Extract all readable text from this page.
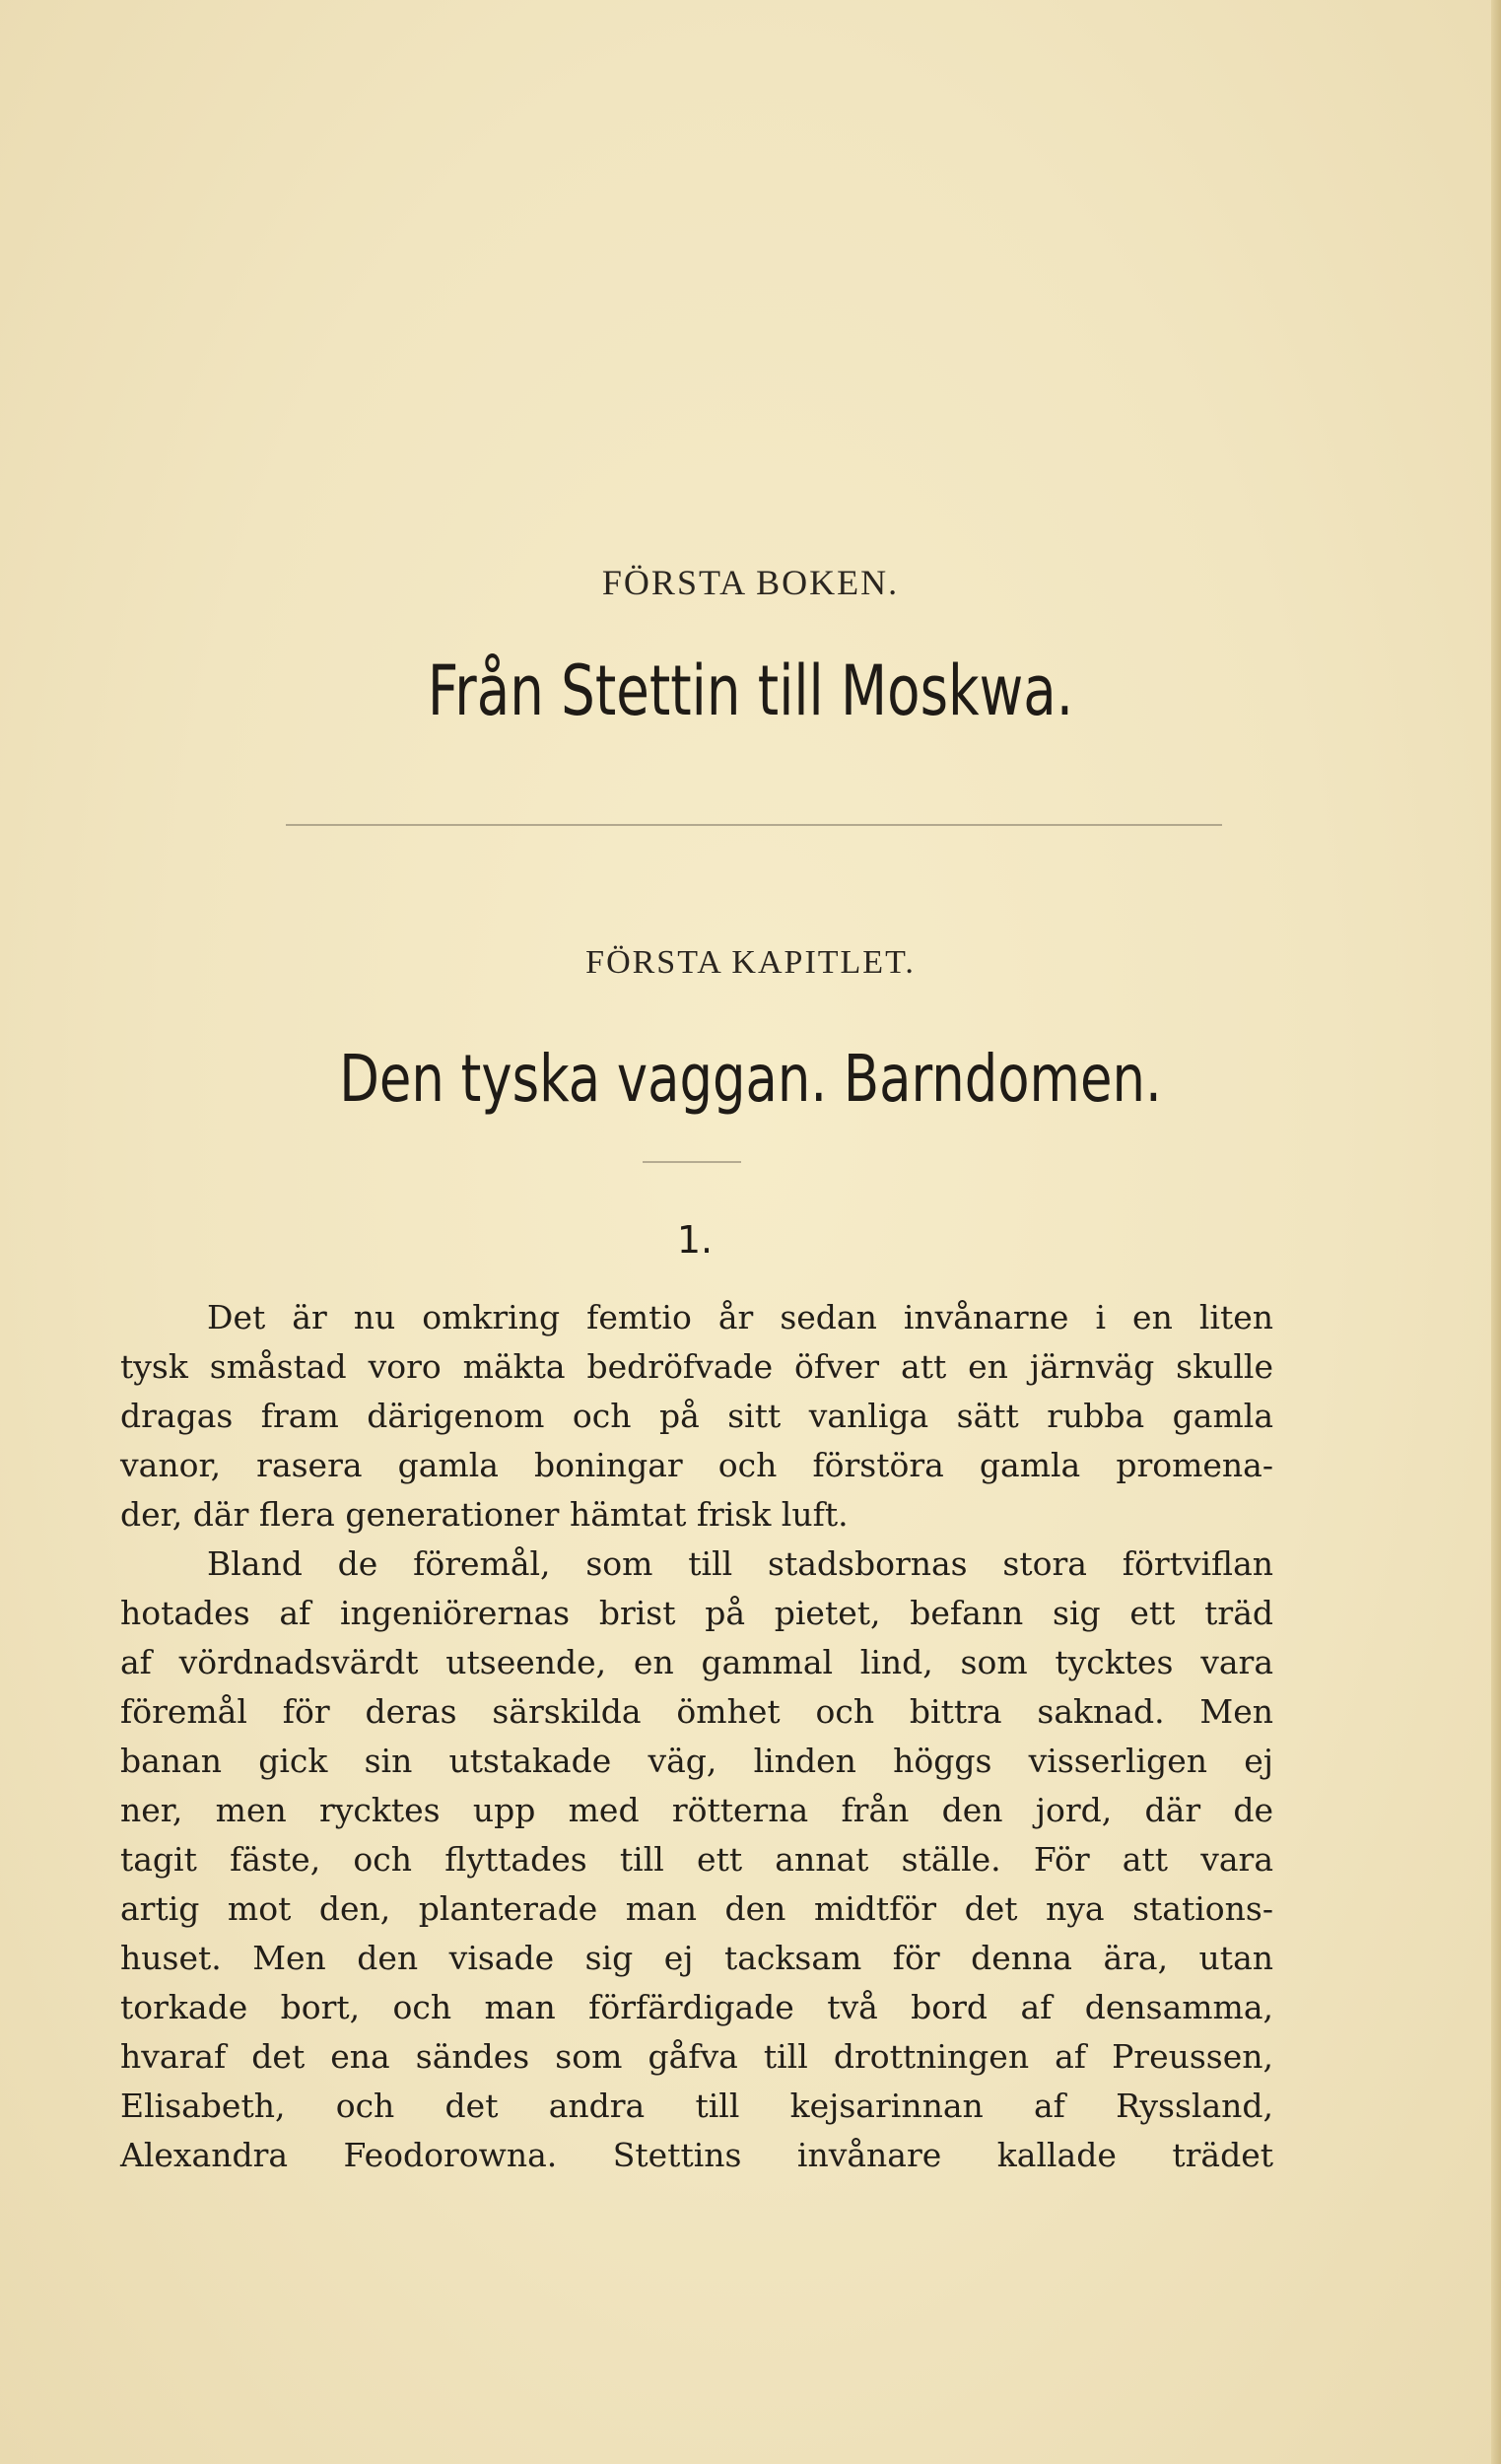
FÖRSTA BOKEN.
Från Stettin till Moskwa.
FÖRSTA KAPITLET.
Den tyska vaggan. Barndomen.
1.
Det är nu omkring femtio år sedan invånarne i en liten
tysk småstad voro mäkta bedröfvade öfver att en järnväg skulle
dragas fram därigenom och på sitt vanliga sätt rubba gamla
vanor, rasera gamla boningar och förstöra gamla promena-
der, där flera generationer hämtat frisk luft.
Bland de föremål, som till stadsbornas stora förtviflan
hotades af ingeniörernas brist på pietet, befann sig ett träd
af vördnadsvärdt utseende, en gammal lind, som tycktes vara
föremål för deras särskilda ömhet och bittra saknad. Men
banan gick sin utstakade väg, linden höggs visserligen ej
ner, men rycktes upp med rötterna från den jord, där de
tagit fäste, och flyttades till ett annat ställe. För att vara
artig mot den, planterade man den midtför det nya stations-
huset. Men den visade sig ej tacksam för denna ära, utan
torkade bort, och man förfärdigade två bord af densamma,
hvaraf det ena sändes som gåfva till drottningen af Preussen,
Elisabeth, och det andra till kejsarinnan af Ryssland,
Alexandra Feodorowna. Stettins invånare kallade trädet
